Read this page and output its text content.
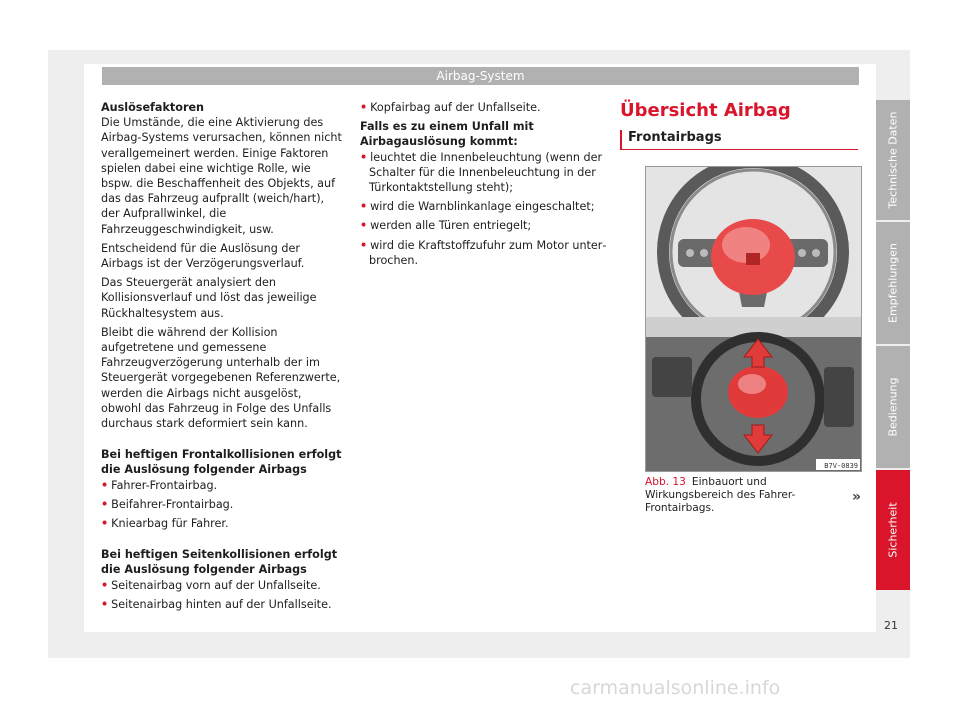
Airbag-System

Auslösefaktoren

Die Umstände, die eine Aktivierung des Airbag-Systems verursachen, können nicht verallgemeinert werden. Einige Faktoren spielen dabei eine wichtige Rolle, wie bspw. die Beschaffenheit des Objekts, auf das das Fahrzeug aufprallt (weich/hart), der Aufprallwinkel, die Fahrzeuggeschwindigkeit, usw.

Entscheidend für die Auslösung der Airbags ist der Verzögerungsverlauf.

Das Steuergerät analysiert den Kollisionsverlauf und löst das jeweilige Rückhaltesystem aus.

Bleibt die während der Kollision aufgetretene und gemessene Fahrzeugverzögerung unterhalb der im Steuergerät vorgegebenen Referenzwerte, werden die Airbags nicht ausgelöst, obwohl das Fahrzeug in Folge des Unfalls durchaus stark deformiert sein kann.

Bei heftigen Frontalkollisionen erfolgt die Auslösung folgender Airbags

• Fahrer-Frontairbag.

• Beifahrer-Frontairbag.

• Kniearbag für Fahrer.

Bei heftigen Seitenkollisionen erfolgt die Auslösung folgender Airbags

• Seitenairbag vorn auf der Unfallseite.

• Seitenairbag hinten auf der Unfallseite.

• Kopfairbag auf der Unfallseite.

Falls es zu einem Unfall mit Airbagauslösung kommt:

• leuchtet die Innenbeleuchtung (wenn der Schalter für die Innenbeleuchtung in der Türkontaktstellung steht);

• wird die Warnblinkanlage eingeschaltet;

• werden alle Türen entriegelt;

• wird die Kraftstoffzufuhr zum Motor unterbrochen.

Übersicht Airbag
Frontairbags
B7V-0839
Abb. 13 Einbauort und Wirkungsbereich des Fahrer-Frontairbags.
»
Technische Daten
Empfehlungen
Bedienung
Sicherheit
21
carmanualsonline.info
